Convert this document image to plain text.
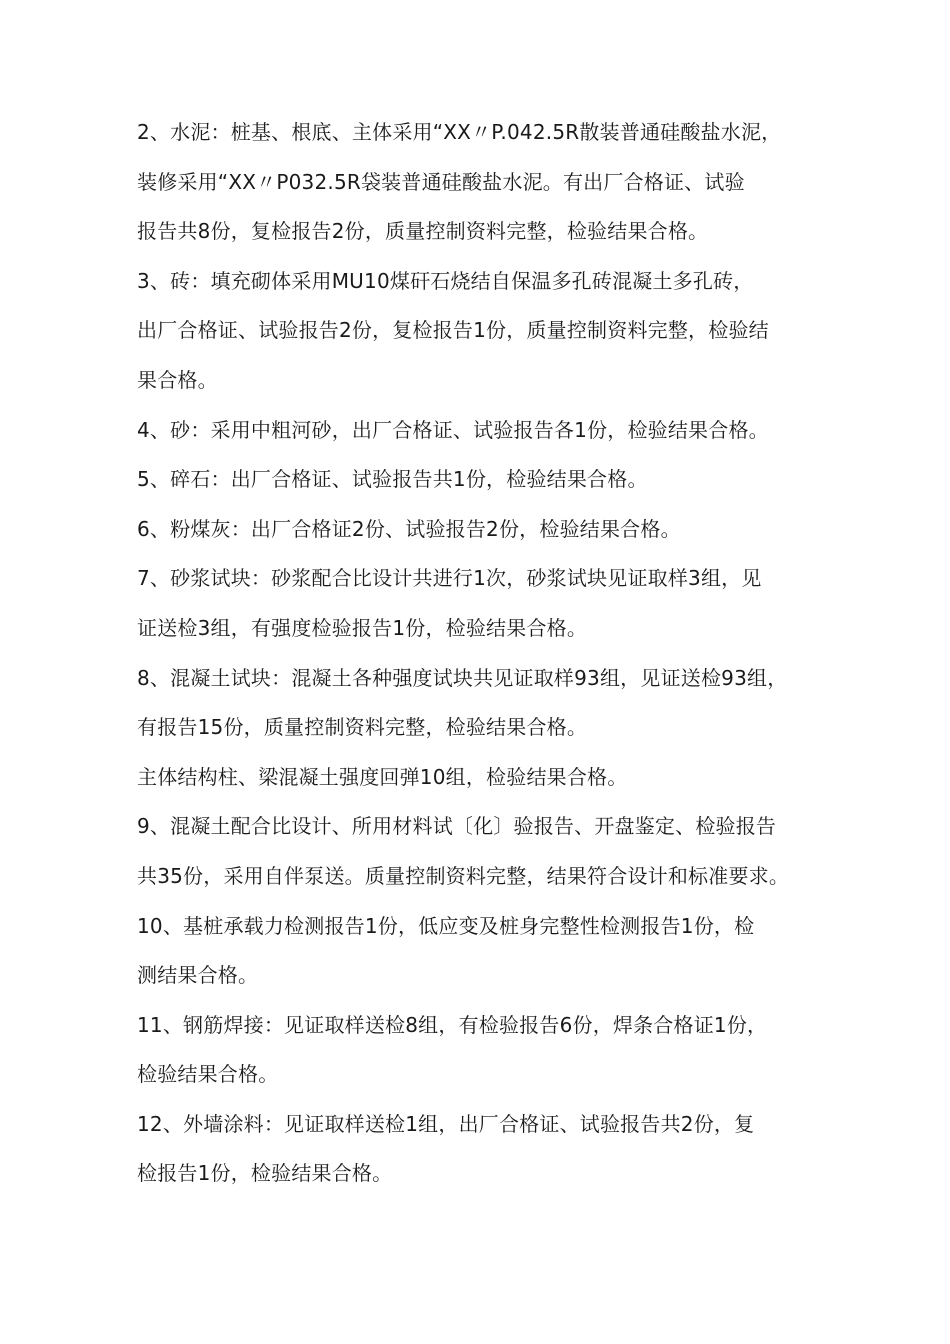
2、水泥：桩基、根底、主体采用“XX〃P.042.5R散装普通硅酸盐水泥，
装修采用“XX〃P032.5R袋装普通硅酸盐水泥。有出厂合格证、试验
报告共8份，复检报告2份，质量控制资料完整，检验结果合格。
3、砖：填充砌体采用MU10煤矸石烧结自保温多孔砖混凝土多孔砖，
出厂合格证、试验报告2份，复检报告1份，质量控制资料完整，检验结
果合格。
4、砂：采用中粗河砂，出厂合格证、试验报告各1份，检验结果合格。
5、碎石：出厂合格证、试验报告共1份，检验结果合格。
6、粉煤灰：出厂合格证2份、试验报告2份，检验结果合格。
7、砂浆试块：砂浆配合比设计共进行1次，砂浆试块见证取样3组，见
证送检3组，有强度检验报告1份，检验结果合格。
8、混凝土试块：混凝土各种强度试块共见证取样93组，见证送检93组，
有报告15份，质量控制资料完整，检验结果合格。
主体结构柱、梁混凝土强度回弹10组，检验结果合格。
9、混凝土配合比设计、所用材料试〔化〕验报告、开盘鉴定、检验报告
共35份，采用自伴泵送。质量控制资料完整，结果符合设计和标准要求。
10、基桩承载力检测报告1份，低应变及桩身完整性检测报告1份，检
测结果合格。
11、钢筋焊接：见证取样送检8组，有检验报告6份，焊条合格证1份，
检验结果合格。
12、外墙涂料：见证取样送检1组，出厂合格证、试验报告共2份，复
检报告1份，检验结果合格。
